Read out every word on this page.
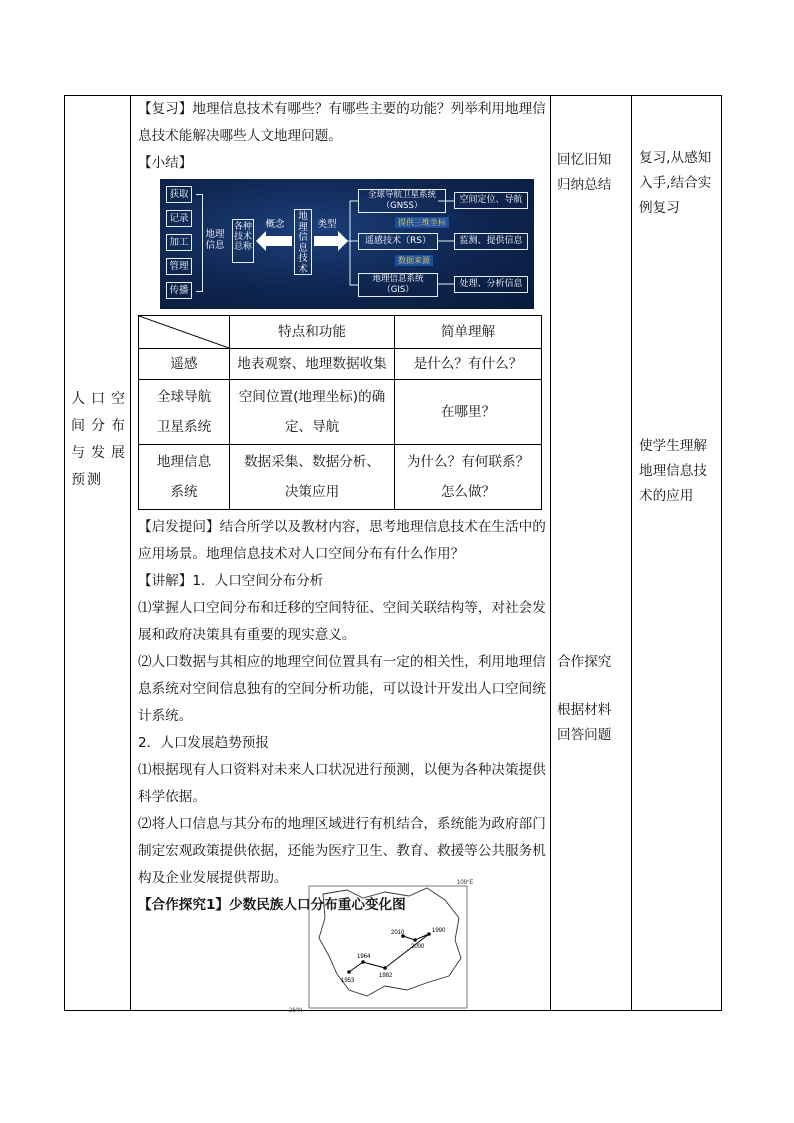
人口空间分布与发展预测

【复习】地理信息技术有哪些？有哪些主要的功能？列举利用地理信息技术能解决哪些人文地理问题。

【小结】

获取
记录
加工
管理
传播
地理信息
各种技术总称
概念
地理信息技术
类型
全球导航卫星系统（GNSS）
空间定位、导航
提供三维坐标
遥感技术（RS）	监测、提供信息
数据来源
地理信息系统（GIS）
处理、分析信息
	特点和功能	简单理解
遥感	地表观察、地理数据收集	是什么？有什么？
全球导航卫星系统	空间位置(地理坐标)的确定、导航	在哪里？
地理信息系统	数据采集、数据分析、决策应用	为什么？有何联系？怎么做？

【启发提问】结合所学以及教材内容，思考地理信息技术在生活中的应用场景。地理信息技术对人口空间分布有什么作用？

【讲解】1．人口空间分布分析

⑴掌握人口空间分布和迁移的空间特征、空间关联结构等，对社会发展和政府决策具有重要的现实意义。

⑵人口数据与其相应的地理空间位置具有一定的相关性，利用地理信息系统对空间信息独有的空间分析功能，可以设计开发出人口空间统计系统。

2．人口发展趋势预报

⑴根据现有人口资料对未来人口状况进行预测，以便为各种决策提供科学依据。

⑵将人口信息与其分布的地理区域进行有机结合，系统能为政府部门制定宏观政策提供依据，还能为医疗卫生、教育、救援等公共服务机构及企业发展提供帮助。

【合作探究1】少数民族人口分布重心变化图

109°E
26°N
1953
1964
1982
1990
2000
2010
回忆旧知归纳总结
合作探究
根据材料回答问题
复习,从感知入手,结合实例复习
使学生理解地理信息技术的应用
